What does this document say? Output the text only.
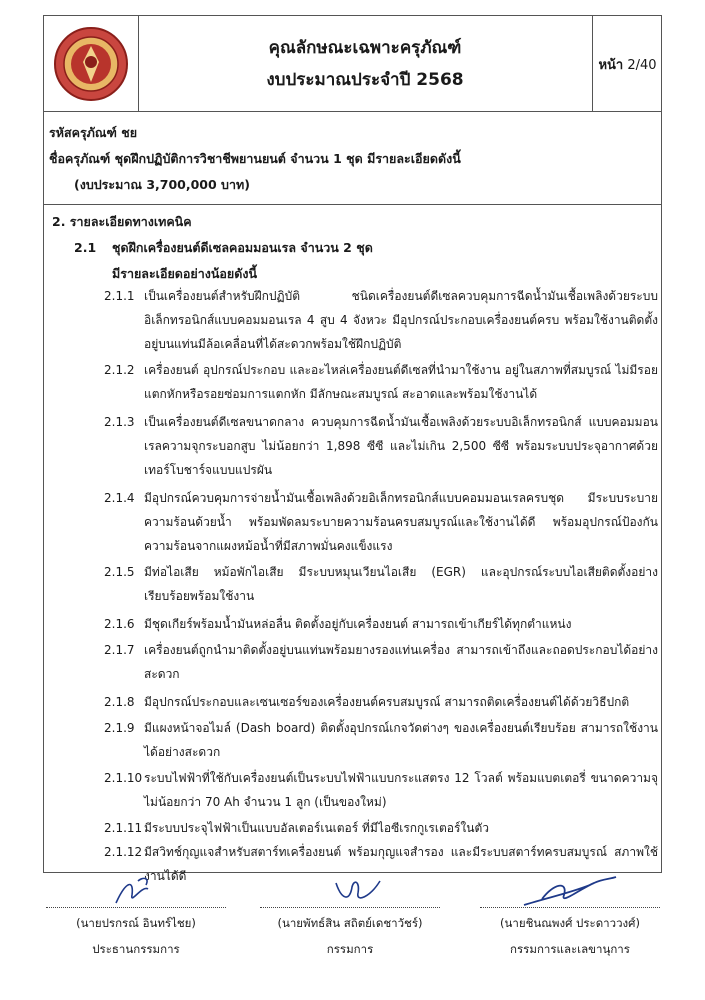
คุณลักษณะเฉพาะครุภัณฑ์
งบประมาณประจำปี 2568
หน้า 2/40
รหัสครุภัณฑ์ ชย
ชื่อครุภัณฑ์ ชุดฝึกปฏิบัติการวิชาชีพยานยนต์ จำนวน 1 ชุด มีรายละเอียดดังนี้
(งบประมาณ 3,700,000 บาท)
2. รายละเอียดทางเทคนิค
2.1 ชุดฝึกเครื่องยนต์ดีเซลคอมมอนเรล จำนวน 2 ชุด
มีรายละเอียดอย่างน้อยดังนี้
2.1.1 เป็นเครื่องยนต์สำหรับฝึกปฏิบัติ ชนิดเครื่องยนต์ดีเซลควบคุมการฉีดน้ำมันเชื้อเพลิงด้วยระบบอิเล็กทรอนิกส์แบบคอมมอนเรล 4 สูบ 4 จังหวะ มีอุปกรณ์ประกอบเครื่องยนต์ครบ พร้อมใช้งานติดตั้งอยู่บนแท่นมีล้อเคลื่อนที่ได้สะดวกพร้อมใช้ฝึกปฏิบัติ
2.1.2 เครื่องยนต์ อุปกรณ์ประกอบ และอะไหล่เครื่องยนต์ดีเซลที่นำมาใช้งาน อยู่ในสภาพที่สมบูรณ์ ไม่มีรอยแตกหักหรือรอยซ่อมการแตกหัก มีลักษณะสมบูรณ์ สะอาดและพร้อมใช้งานได้
2.1.3 เป็นเครื่องยนต์ดีเซลขนาดกลาง ควบคุมการฉีดน้ำมันเชื้อเพลิงด้วยระบบอิเล็กทรอนิกส์ แบบคอมมอนเรลความจุกระบอกสูบ ไม่น้อยกว่า 1,898 ซีซี และไม่เกิน 2,500 ซีซี พร้อมระบบประจุอากาศด้วยเทอร์โบชาร์จแบบแปรผัน
2.1.4 มีอุปกรณ์ควบคุมการจ่ายน้ำมันเชื้อเพลิงด้วยอิเล็กทรอนิกส์แบบคอมมอนเรลครบชุด มีระบบระบายความร้อนด้วยน้ำ พร้อมพัดลมระบายความร้อนครบสมบูรณ์และใช้งานได้ดี พร้อมอุปกรณ์ป้องกันความร้อนจากแผงหม้อน้ำที่มีสภาพมั่นคงแข็งแรง
2.1.5 มีท่อไอเสีย หม้อพักไอเสีย มีระบบหมุนเวียนไอเสีย (EGR) และอุปกรณ์ระบบไอเสียติดตั้งอย่างเรียบร้อยพร้อมใช้งาน
2.1.6 มีชุดเกียร์พร้อมน้ำมันหล่อลื่น ติดตั้งอยู่กับเครื่องยนต์ สามารถเข้าเกียร์ได้ทุกตำแหน่ง
2.1.7 เครื่องยนต์ถูกนำมาติดตั้งอยู่บนแท่นพร้อมยางรองแท่นเครื่อง สามารถเข้าถึงและถอดประกอบได้อย่างสะดวก
2.1.8 มีอุปกรณ์ประกอบและเซนเซอร์ของเครื่องยนต์ครบสมบูรณ์ สามารถติดเครื่องยนต์ได้ด้วยวิธีปกติ
2.1.9 มีแผงหน้าจอไมล์ (Dash board) ติดตั้งอุปกรณ์เกจวัดต่างๆ ของเครื่องยนต์เรียบร้อย สามารถใช้งานได้อย่างสะดวก
2.1.10 ระบบไฟฟ้าที่ใช้กับเครื่องยนต์เป็นระบบไฟฟ้าแบบกระแสตรง 12 โวลต์ พร้อมแบตเตอรี่ ขนาดความจุไม่น้อยกว่า 70 Ah จำนวน 1 ลูก (เป็นของใหม่)
2.1.11 มีระบบประจุไฟฟ้าเป็นแบบอัลเตอร์เนเตอร์ ที่มีไอซีเรกกูเรเตอร์ในตัว
2.1.12 มีสวิทช์กุญแจสำหรับสตาร์ทเครื่องยนต์ พร้อมกุญแจสำรอง และมีระบบสตาร์ทครบสมบูรณ์ สภาพใช้งานได้ดี
(นายปรกรณ์ อินทร์ไชย)
ประธานกรรมการ
(นายพัทธ์สิน สถิตย์เดชาวัชร์)
กรรมการ
(นายชินณพงศ์ ประดาววงศ์)
กรรมการและเลขานุการ
